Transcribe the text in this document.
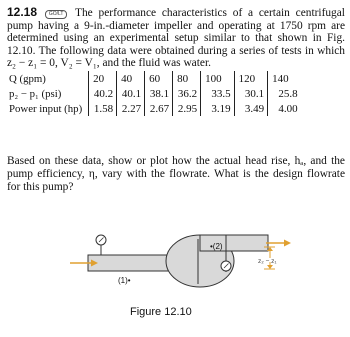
12.18 GO/LT The performance characteristics of a certain centrifugal pump having a 9-in.-diameter impeller and operating at 1750 rpm are determined using an experimental setup similar to that shown in Fig. 12.10. The following data were obtained during a series of tests in which z₂ − z₁ = 0, V₂ = V₁, and the fluid was water.
Q (gpm)	20	40	60	80	100	120	140
p₂ − p₁ (psi)	40.2	40.1	38.1	36.2	33.5	30.1	25.8
Power input (hp)	1.58	2.27	2.67	2.95	3.19	3.49	4.00
Based on these data, show or plot how the actual head rise, hₐ, and the pump efficiency, η, vary with the flowrate. What is the design flowrate for this pump?
(1)•
•(2)
z₂ − z₁
Figure 12.10
